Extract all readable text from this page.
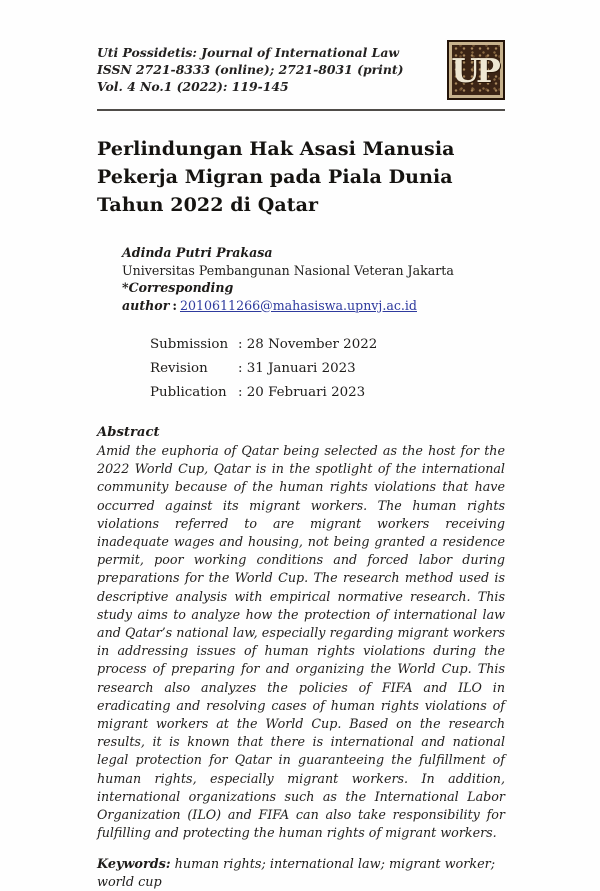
Uti Possidetis: Journal of International Law
ISSN 2721-8333 (online); 2721-8031 (print)
Vol. 4 No.1 (2022): 119-145	UP
Perlindungan Hak Asasi Manusia Pekerja Migran pada Piala Dunia Tahun 2022 di Qatar
Adinda Putri Prakasa
Universitas Pembangunan Nasional Veteran Jakarta
*Corresponding author : 2010611266@mahasiswa.upnvj.ac.id
Submission : 28 November 2022
Revision	: 31 Januari 2023
Publication : 20 Februari 2023
Abstract
Amid the euphoria of Qatar being selected as the host for the 2022 World Cup, Qatar is in the spotlight of the international community because of the human rights violations that have occurred against its migrant workers. The human rights violations referred to are migrant workers receiving inadequate wages and housing, not being granted a residence permit, poor working conditions and forced labor during preparations for the World Cup. The research method used is descriptive analysis with empirical normative research. This study aims to analyze how the protection of international law and Qatar’s national law, especially regarding migrant workers in addressing issues of human rights violations during the process of preparing for and organizing the World Cup. This research also analyzes the policies of FIFA and ILO in eradicating and resolving cases of human rights violations of migrant workers at the World Cup. Based on the research results, it is known that there is international and national legal protection for Qatar in guaranteeing the fulfillment of human rights, especially migrant workers. In addition, international organizations such as the International Labor Organization (ILO) and FIFA can also take responsibility for fulfilling and protecting the human rights of migrant workers.
Keywords: human rights; international law; migrant worker; world cup
